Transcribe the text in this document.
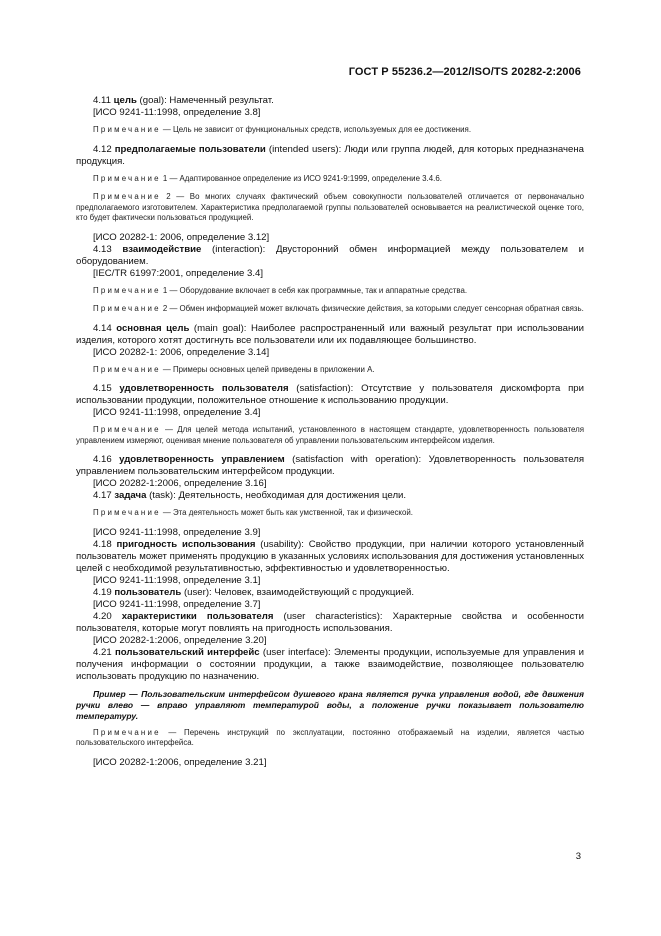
ГОСТ Р 55236.2—2012/ISO/TS 20282-2:2006

4.11 цель (goal): Намеченный результат.

[ИСО 9241-11:1998, определение 3.8]

Примечание — Цель не зависит от функциональных средств, используемых для ее достижения.

4.12 предполагаемые пользователи (intended users): Люди или группа людей, для которых предназначена продукция.

Примечание 1 — Адаптированное определение из ИСО 9241-9:1999, определение 3.4.6.

Примечание 2 — Во многих случаях фактический объем совокупности пользователей отличается от первоначально предполагаемого изготовителем. Характеристика предполагаемой группы пользователей основывается на реалистической оценке того, кто будет фактически пользоваться продукцией.

[ИСО 20282-1: 2006, определение 3.12]

4.13 взаимодействие (interaction): Двусторонний обмен информацией между пользователем и оборудованием.

[IEC/TR 61997:2001, определение 3.4]

Примечание 1 — Оборудование включает в себя как программные, так и аппаратные средства.

Примечание 2 — Обмен информацией может включать физические действия, за которыми следует сенсорная обратная связь.

4.14 основная цель (main goal): Наиболее распространенный или важный результат при использовании изделия, которого хотят достигнуть все пользователи или их подавляющее большинство.

[ИСО 20282-1: 2006, определение 3.14]

Примечание — Примеры основных целей приведены в приложении А.

4.15 удовлетворенность пользователя (satisfaction): Отсутствие у пользователя дискомфорта при использовании продукции, положительное отношение к использованию продукции.

[ИСО 9241-11:1998, определение 3.4]

Примечание — Для целей метода испытаний, установленного в настоящем стандарте, удовлетворенность пользователя управлением измеряют, оценивая мнение пользователя об управлении пользовательским интерфейсом изделия.

4.16 удовлетворенность управлением (satisfaction with operation): Удовлетворенность пользователя управлением пользовательским интерфейсом продукции.

[ИСО 20282-1:2006, определение 3.16]

4.17 задача (task): Деятельность, необходимая для достижения цели.

Примечание — Эта деятельность может быть как умственной, так и физической.

[ИСО 9241-11:1998, определение 3.9]

4.18 пригодность использования (usability): Свойство продукции, при наличии которого установленный пользователь может применять продукцию в указанных условиях использования для достижения установленных целей с необходимой результативностью, эффективностью и удовлетворенностью.

[ИСО 9241-11:1998, определение 3.1]

4.19 пользователь (user): Человек, взаимодействующий с продукцией.

[ИСО 9241-11:1998, определение 3.7]

4.20 характеристики пользователя (user characteristics): Характерные свойства и особенности пользователя, которые могут повлиять на пригодность использования.

[ИСО 20282-1:2006, определение 3.20]

4.21 пользовательский интерфейс (user interface): Элементы продукции, используемые для управления и получения информации о состоянии продукции, а также взаимодействие, позволяющее пользователю использовать продукцию по назначению.

Пример — Пользовательским интерфейсом душевого крана является ручка управления водой, где движения ручки влево — вправо управляют температурой воды, а положение ручки показывает пользователю температуру.

Примечание — Перечень инструкций по эксплуатации, постоянно отображаемый на изделии, является частью пользовательского интерфейса.

[ИСО 20282-1:2006, определение 3.21]

3
